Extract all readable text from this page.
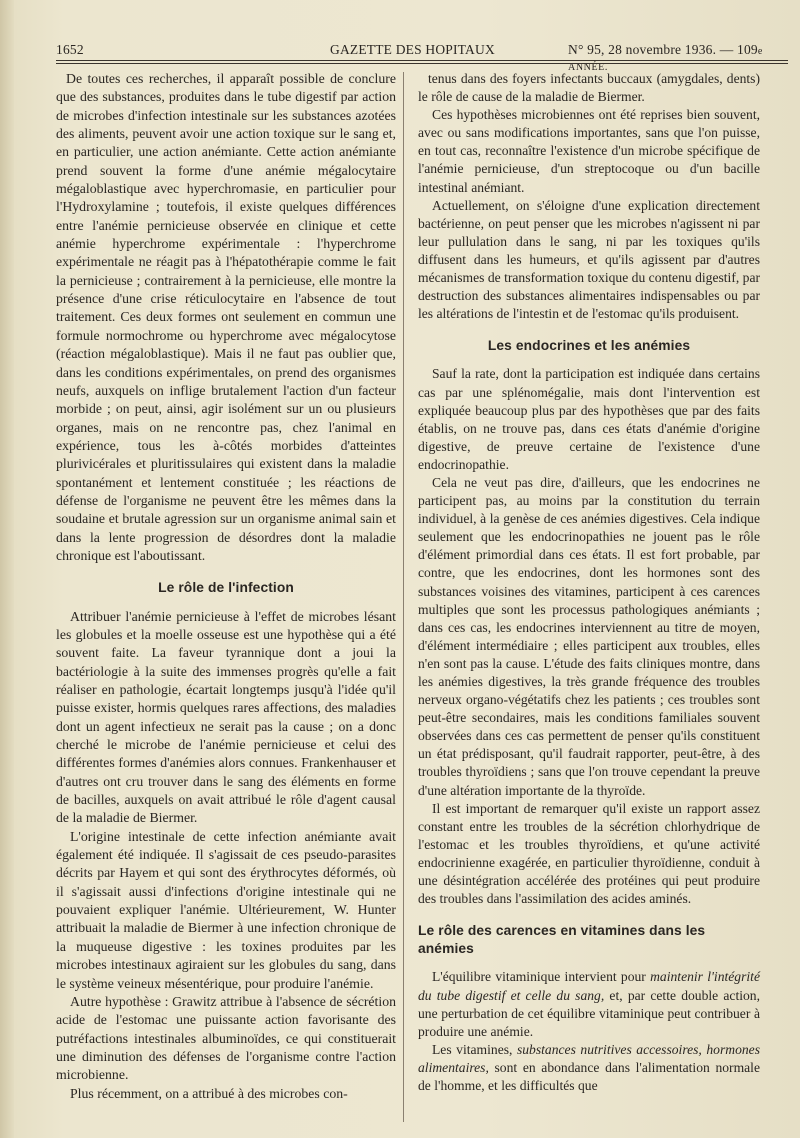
1652	GAZETTE DES HOPITAUX	N° 95, 28 novembre 1936. — 109e ANNÉE.

De toutes ces recherches, il apparaît possible de conclure que des substances, produites dans le tube digestif par action de microbes d'infection intestinale sur les substances azotées des aliments, peuvent avoir une action toxique sur le sang et, en particulier, une action anémiante. Cette action anémiante prend souvent la forme d'une anémie mégalocytaire mégaloblastique avec hyperchromasie, en particulier pour l'Hydroxylamine ; toutefois, il existe quelques différences entre l'anémie pernicieuse observée en clinique et cette anémie hyperchrome expérimentale : l'hyperchrome expérimentale ne réagit pas à l'hépatothérapie comme le fait la pernicieuse ; contrairement à la pernicieuse, elle montre la présence d'une crise réticulocytaire en l'absence de tout traitement. Ces deux formes ont seulement en commun une formule normochrome ou hyperchrome avec mégalocytose (réaction mégaloblastique). Mais il ne faut pas oublier que, dans les conditions expérimentales, on prend des organismes neufs, auxquels on inflige brutalement l'action d'un facteur morbide ; on peut, ainsi, agir isolément sur un ou plusieurs organes, mais on ne rencontre pas, chez l'animal en expérience, tous les à-côtés morbides d'atteintes plurivicérales et pluritissulaires qui existent dans la maladie spontanément et lentement constituée ; les réactions de défense de l'organisme ne peuvent être les mêmes dans la soudaine et brutale agression sur un organisme animal sain et dans la lente progression de désordres dont la maladie chronique est l'aboutissant.

Le rôle de l'infection

Attribuer l'anémie pernicieuse à l'effet de microbes lésant les globules et la moelle osseuse est une hypothèse qui a été souvent faite. La faveur tyrannique dont a joui la bactériologie à la suite des immenses progrès qu'elle a fait réaliser en pathologie, écartait longtemps jusqu'à l'idée qu'il puisse exister, hormis quelques rares affections, des maladies dont un agent infectieux ne serait pas la cause ; on a donc cherché le microbe de l'anémie pernicieuse et celui des différentes formes d'anémies alors connues. Frankenhauser et d'autres ont cru trouver dans le sang des éléments en forme de bacilles, auxquels on avait attribué le rôle d'agent causal de la maladie de Biermer.

L'origine intestinale de cette infection anémiante avait également été indiquée. Il s'agissait de ces pseudo-parasites décrits par Hayem et qui sont des érythrocytes déformés, où il s'agissait aussi d'infections d'origine intestinale qui ne pouvaient expliquer l'anémie. Ultérieurement, W. Hunter attribuait la maladie de Biermer à une infection chronique de la muqueuse digestive : les toxines produites par les microbes intestinaux agiraient sur les globules du sang, dans le système veineux mésentérique, pour produire l'anémie.

Autre hypothèse : Grawitz attribue à l'absence de sécrétion acide de l'estomac une puissante action favorisante des putréfactions intestinales albuminoïdes, ce qui constituerait une diminution des défenses de l'organisme contre l'action microbienne.

Plus récemment, on a attribué à des microbes con-

tenus dans des foyers infectants buccaux (amygdales, dents) le rôle de cause de la maladie de Biermer.

Ces hypothèses microbiennes ont été reprises bien souvent, avec ou sans modifications importantes, sans que l'on puisse, en tout cas, reconnaître l'existence d'un microbe spécifique de l'anémie pernicieuse, d'un streptocoque ou d'un bacille intestinal anémiant.

Actuellement, on s'éloigne d'une explication directement bactérienne, on peut penser que les microbes n'agissent ni par leur pullulation dans le sang, ni par les toxiques qu'ils diffusent dans les humeurs, et qu'ils agissent par d'autres mécanismes de transformation toxique du contenu digestif, par destruction des substances alimentaires indispensables ou par les altérations de l'intestin et de l'estomac qu'ils produisent.

Les endocrines et les anémies

Sauf la rate, dont la participation est indiquée dans certains cas par une splénomégalie, mais dont l'intervention est expliquée beaucoup plus par des hypothèses que par des faits établis, on ne trouve pas, dans ces états d'anémie d'origine digestive, de preuve certaine de l'existence d'une endocrinopathie.

Cela ne veut pas dire, d'ailleurs, que les endocrines ne participent pas, au moins par la constitution du terrain individuel, à la genèse de ces anémies digestives. Cela indique seulement que les endocrinopathies ne jouent pas le rôle d'élément primordial dans ces états. Il est fort probable, par contre, que les endocrines, dont les hormones sont des substances voisines des vitamines, participent à ces carences multiples que sont les processus pathologiques anémiants ; dans ces cas, les endocrines interviennent au titre de moyen, d'élément intermédiaire ; elles participent aux troubles, elles n'en sont pas la cause. L'étude des faits cliniques montre, dans les anémies digestives, la très grande fréquence des troubles nerveux organo-végétatifs chez les patients ; ces troubles sont peut-être secondaires, mais les conditions familiales souvent observées dans ces cas permettent de penser qu'ils constituent un état prédisposant, qu'il faudrait rapporter, peut-être, à des troubles thyroïdiens ; sans que l'on trouve cependant la preuve d'une altération importante de la thyroïde.

Il est important de remarquer qu'il existe un rapport assez constant entre les troubles de la sécrétion chlorhydrique de l'estomac et les troubles thyroïdiens, et qu'une activité endocrinienne exagérée, en particulier thyroïdienne, conduit à une désintégration accélérée des protéines qui peut produire des troubles dans l'assimilation des acides aminés.

Le rôle des carences en vitamines dans les anémies

L'équilibre vitaminique intervient pour maintenir l'intégrité du tube digestif et celle du sang, et, par cette double action, une perturbation de cet équilibre vitaminique peut contribuer à produire une anémie.

Les vitamines, substances nutritives accessoires, hormones alimentaires, sont en abondance dans l'alimentation normale de l'homme, et les difficultés que
